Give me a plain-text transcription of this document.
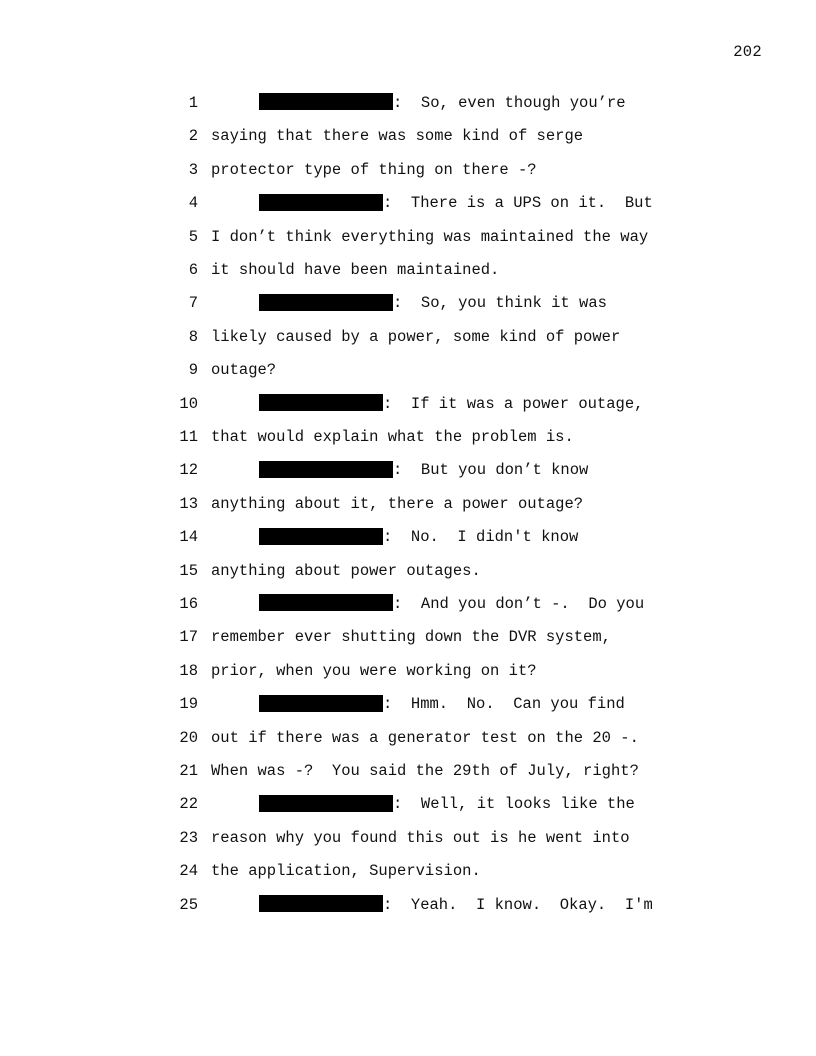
202
1	:  So, even though you’re
2 saying that there was some kind of serge
3 protector type of thing on there -?
4	:  There is a UPS on it.  But
5 I don’t think everything was maintained the way
6 it should have been maintained.
7	:  So, you think it was
8 likely caused by a power, some kind of power
9 outage?
10	:  If it was a power outage,
11 that would explain what the problem is.
12	:  But you don’t know
13 anything about it, there a power outage?
14	:  No.  I didn't know
15 anything about power outages.
16	:  And you don’t -.  Do you
17 remember ever shutting down the DVR system,
18 prior, when you were working on it?
19	:  Hmm.  No.  Can you find
20 out if there was a generator test on the 20 -.
21 When was -?  You said the 29th of July, right?
22	:  Well, it looks like the
23 reason why you found this out is he went into
24 the application, Supervision.
25	:  Yeah.  I know.  Okay.  I'm
